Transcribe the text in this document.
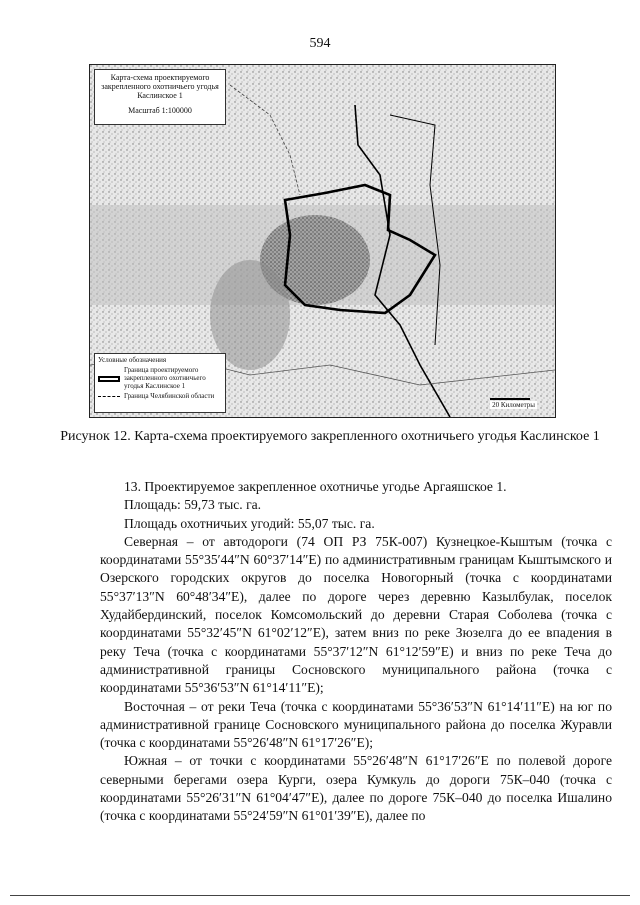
594
Карта-схема проектируемого закрепленного охотничьего угодья Каслинское 1
Масштаб 1:100000
Условные обозначения
Граница проектируемого закрепленного охотничьего угодья Каслинское 1
Граница Челябинской области
20 Километры
Рисунок 12. Карта-схема проектируемого закрепленного охотничьего угодья Каслинское 1

13. Проектируемое закрепленное охотничье угодье Аргаяшское 1.

Площадь: 59,73 тыс. га.

Площадь охотничьих угодий: 55,07 тыс. га.

Северная – от автодороги (74 ОП РЗ 75К-007) Кузнецкое-Кыштым (точка с координатами 55°35′44″N 60°37′14″E) по административным границам Кыштымского и Озерского городских округов до поселка Новогорный (точка с координатами 55°37′13″N 60°48′34″E), далее по дороге через деревню Казылбулак, поселок Худайбердинский, поселок Комсомольский до деревни Старая Соболева (точка с координатами 55°32′45″N 61°02′12″E), затем вниз по реке Зюзелга до ее впадения в реку Теча (точка с координатами 55°37′12″N 61°12′59″E) и вниз по реке Теча до административной границы Сосновского муниципального района (точка с координатами 55°36′53″N 61°14′11″E);

Восточная – от реки Теча (точка с координатами 55°36′53″N 61°14′11″E) на юг по административной границе Сосновского муниципального района до поселка Журавли (точка с координатами 55°26′48″N 61°17′26″E);

Южная – от точки с координатами 55°26′48″N 61°17′26″E по полевой дороге северными берегами озера Курги, озера Кумкуль до дороги 75К–040 (точка с координатами 55°26′31″N 61°04′47″E), далее по дороге 75К–040 до поселка Ишалино (точка с координатами 55°24′59″N 61°01′39″E), далее по
